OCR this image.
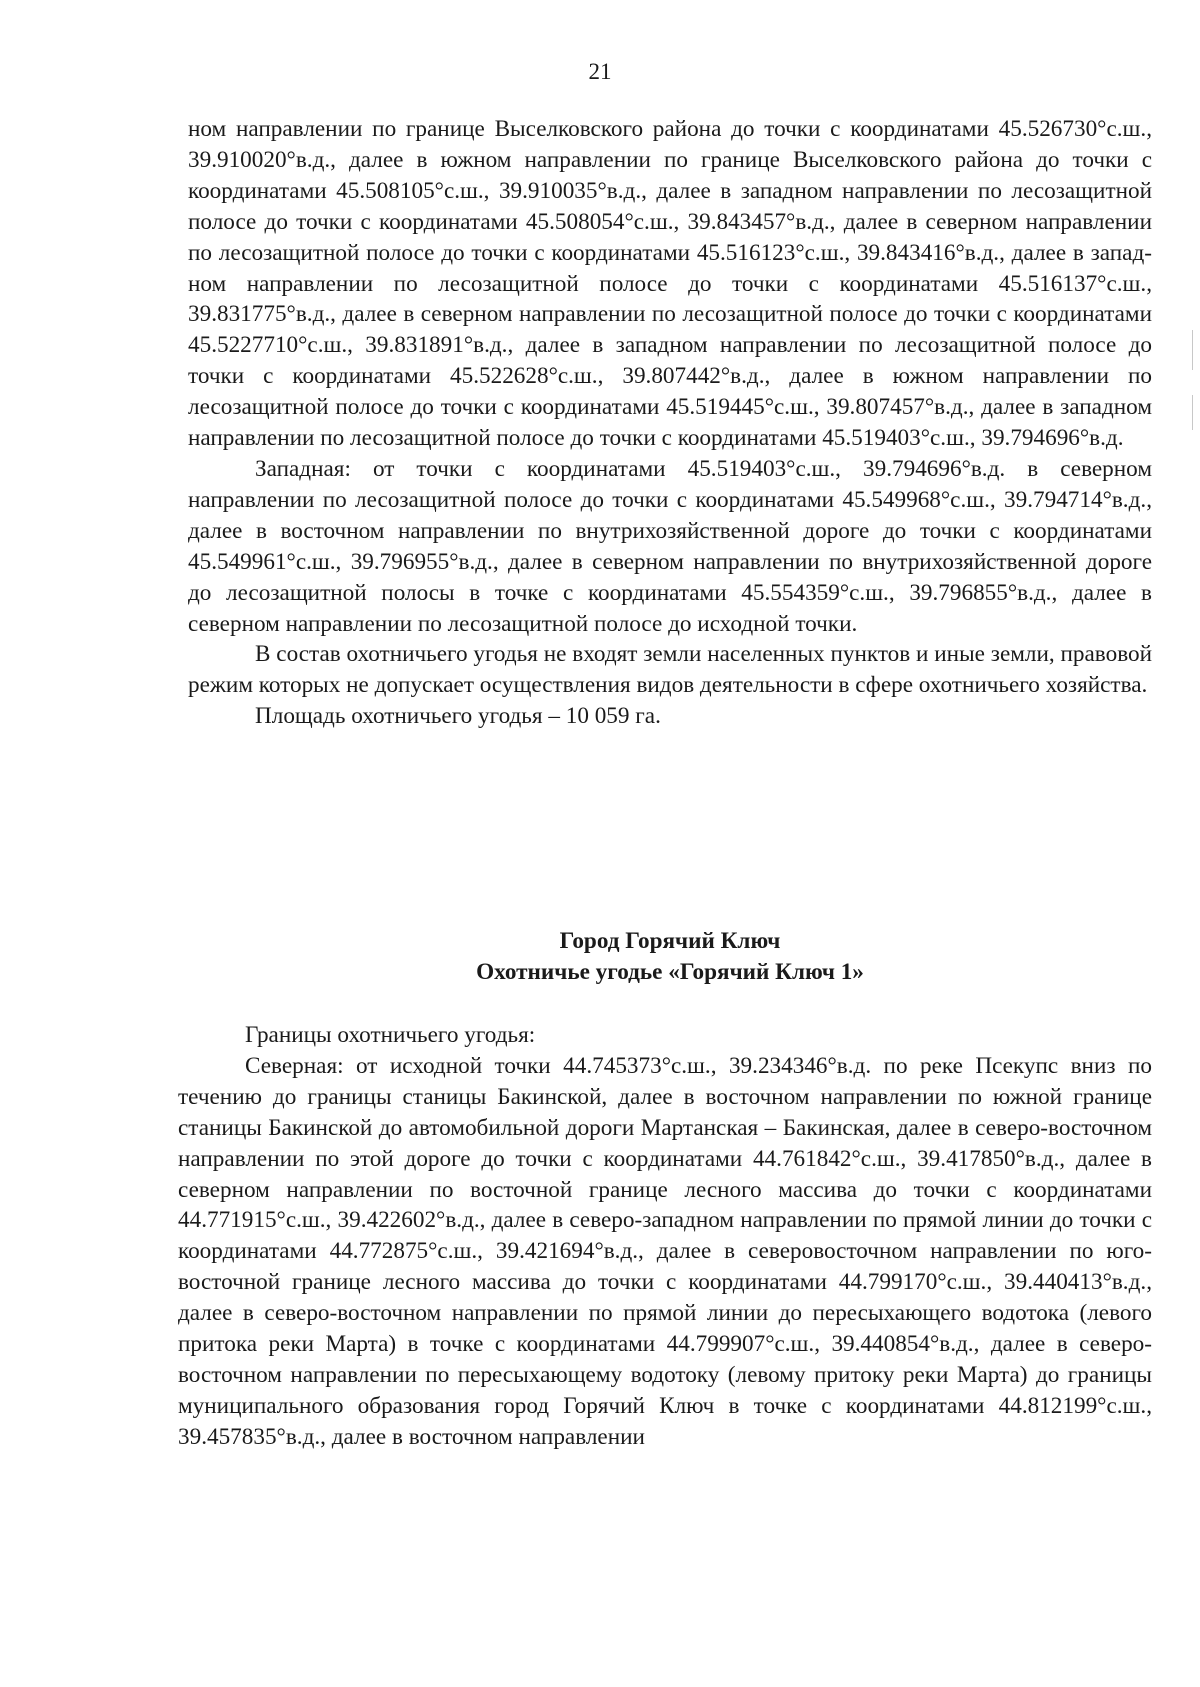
21

ном направлении по границе Выселковского района до точки с координатами 45.526730°с.ш., 39.910020°в.д., далее в южном направлении по границе Выселковского района до точки с координатами 45.508105°с.ш., 39.910035°в.д., далее в западном направлении по лесозащитной полосе до точки с координатами 45.508054°с.ш., 39.843457°в.д., далее в северном направлении по лесозащитной полосе до точки с координатами 45.516123°с.ш., 39.843416°в.д., далее в западном направлении по лесозащитной полосе до точки с координатами 45.516137°с.ш., 39.831775°в.д., далее в северном направлении по лесозащитной полосе до точки с координатами 45.5227710°с.ш., 39.831891°в.д., далее в западном направлении по лесозащитной полосе до точки с координатами 45.522628°с.ш., 39.807442°в.д., далее в южном направлении по лесозащитной полосе до точки с координатами 45.519445°с.ш., 39.807457°в.д., далее в западном направлении по лесозащитной полосе до точки с координатами 45.519403°с.ш., 39.794696°в.д.

Западная: от точки с координатами 45.519403°с.ш., 39.794696°в.д. в северном направлении по лесозащитной полосе до точки с координатами 45.549968°с.ш., 39.794714°в.д., далее в восточном направлении по внутрихозяйственной дороге до точки с координатами 45.549961°с.ш., 39.796955°в.д., далее в северном направлении по внутрихозяйственной дороге до лесозащитной полосы в точке с координатами 45.554359°с.ш., 39.796855°в.д., далее в северном направлении по лесозащитной полосе до исходной точки.

В состав охотничьего угодья не входят земли населенных пунктов и иные земли, правовой режим которых не допускает осуществления видов деятельности в сфере охотничьего хозяйства.

Площадь охотничьего угодья – 10 059 га.

Город Горячий Ключ
Охотничье угодье «Горячий Ключ 1»

Границы охотничьего угодья:

Северная: от исходной точки 44.745373°с.ш., 39.234346°в.д. по реке Псекупс вниз по течению до границы станицы Бакинской, далее в восточном направлении по южной границе станицы Бакинской до автомобильной дороги Мартанская – Бакинская, далее в северо-восточном направлении по этой дороге до точки с координатами 44.761842°с.ш., 39.417850°в.д., далее в северном направлении по восточной границе лесного массива до точки с координатами 44.771915°с.ш., 39.422602°в.д., далее в северо-западном направлении по прямой линии до точки с координатами 44.772875°с.ш., 39.421694°в.д., далее в северовосточном направлении по юго-восточной границе лесного массива до точки с координатами 44.799170°с.ш., 39.440413°в.д., далее в северо-восточном направлении по прямой линии до пересыхающего водотока (левого притока реки Марта) в точке с координатами 44.799907°с.ш., 39.440854°в.д., далее в северо-восточном направлении по пересыхающему водотоку (левому притоку реки Марта) до границы муниципального образования город Горячий Ключ в точке с координатами 44.812199°с.ш., 39.457835°в.д., далее в восточном направлении
